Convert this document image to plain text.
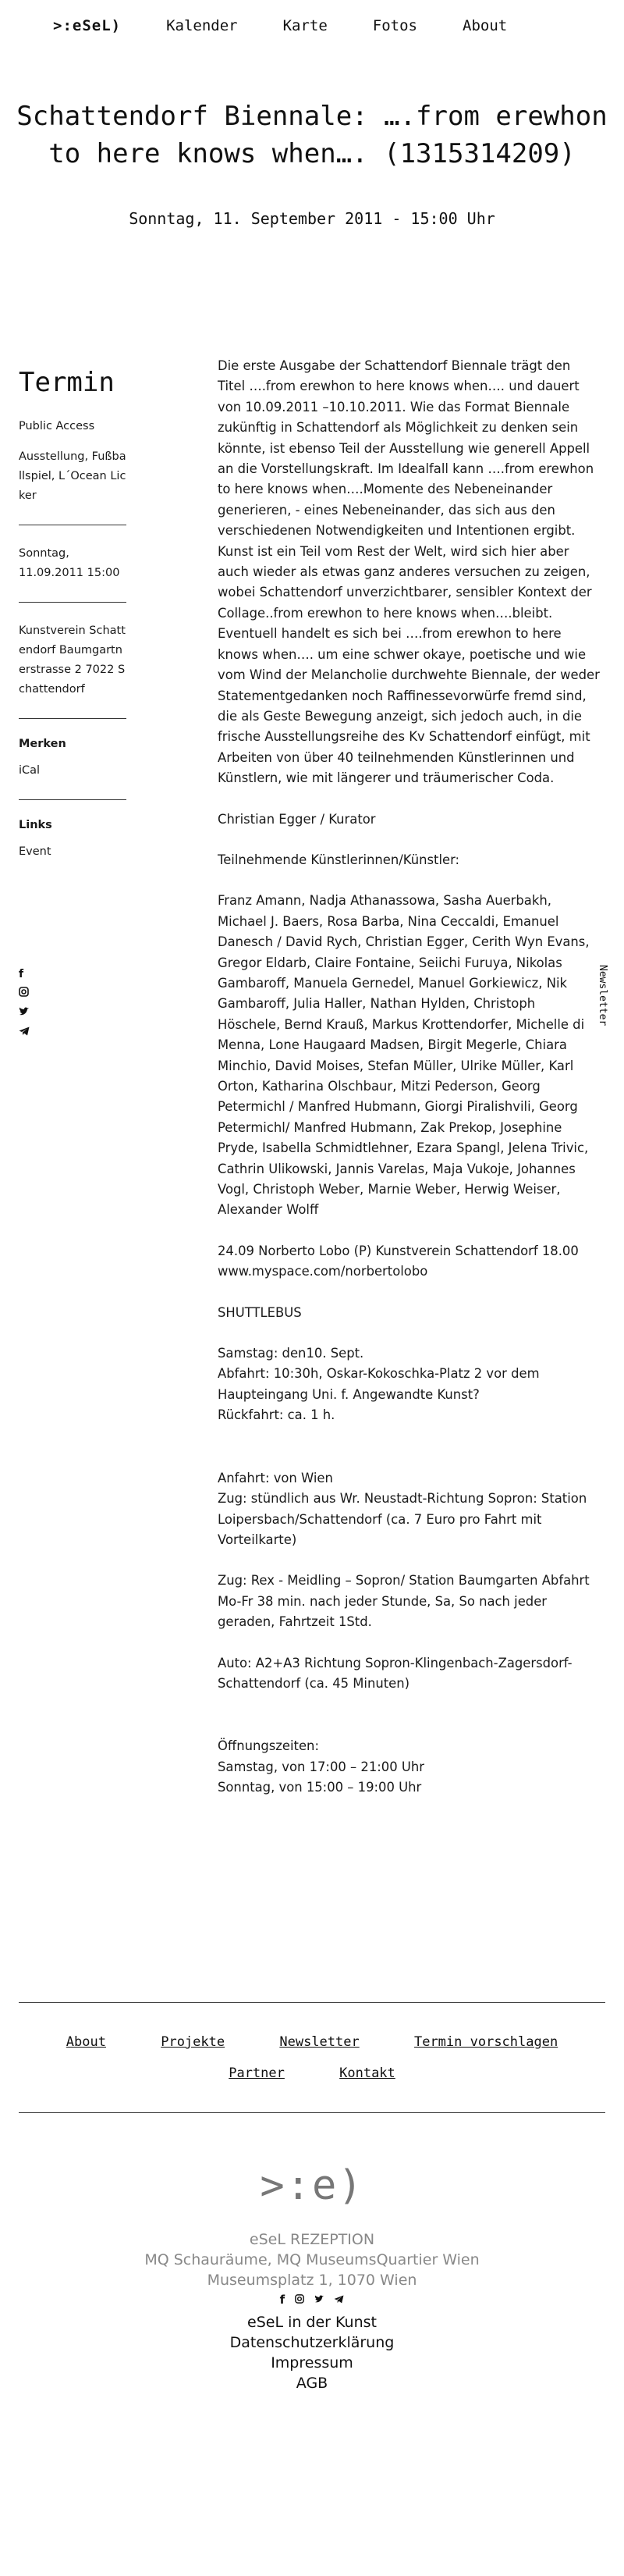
>:eSeL)	Kalender	Karte	Fotos	About
Schattendorf Biennale: ….from erewhon to here knows when…. (1315314209)
Sonntag, 11. September 2011 - 15:00 Uhr
Termin
Public Access
Ausstellung, Fußballspiel, L´Ocean Licker
Sonntag, 11.09.2011 15:00
Kunstverein Schattendorf Baumgartnerstrasse 2 7022 Schattendorf
Merken
iCal
Links
Event
f	Newsletter

Die erste Ausgabe der Schattendorf Biennale trägt den Titel ….from erewhon to here knows when…. und dauert von 10.09.2011 –10.10.2011. Wie das Format Biennale zukünftig in Schattendorf als Möglichkeit zu denken sein könnte, ist ebenso Teil der Ausstellung wie generell Appell an die Vorstellungskraft. Im Idealfall kann ….from erewhon to here knows when….Momente des Nebeneinander generieren, - eines Nebeneinander, das sich aus den verschiedenen Notwendigkeiten und Intentionen ergibt. Kunst ist ein Teil vom Rest der Welt, wird sich hier aber auch wieder als etwas ganz anderes versuchen zu zeigen, wobei Schattendorf unverzichtbarer, sensibler Kontext der Collage..from erewhon to here knows when….bleibt. Eventuell handelt es sich bei ….from erewhon to here knows when…. um eine schwer okaye, poetische und wie vom Wind der Melancholie durchwehte Biennale, der weder Statementgedanken noch Raffinessevorwürfe fremd sind, die als Geste Bewegung anzeigt, sich jedoch auch, in die frische Ausstellungsreihe des Kv Schattendorf einfügt, mit Arbeiten von über 40 teilnehmenden Künstlerinnen und Künstlern, wie mit längerer und träumerischer Coda.

Christian Egger / Kurator

Teilnehmende Künstlerinnen/Künstler:

Franz Amann, Nadja Athanassowa, Sasha Auerbakh, Michael J. Baers, Rosa Barba, Nina Ceccaldi, Emanuel Danesch / David Rych, Christian Egger, Cerith Wyn Evans, Gregor Eldarb, Claire Fontaine, Seiichi Furuya, Nikolas Gambaroff, Manuela Gernedel, Manuel Gorkiewicz, Nik Gambaroff, Julia Haller, Nathan Hylden, Christoph Höschele, Bernd Krauß, Markus Krottendorfer, Michelle di Menna, Lone Haugaard Madsen, Birgit Megerle, Chiara Minchio, David Moises, Stefan Müller, Ulrike Müller, Karl Orton, Katharina Olschbaur, Mitzi Pederson, Georg Petermichl / Manfred Hubmann, Giorgi Piralishvili, Georg Petermichl/ Manfred Hubmann, Zak Prekop, Josephine Pryde, Isabella Schmidtlehner, Ezara Spangl, Jelena Trivic, Cathrin Ulikowski, Jannis Varelas, Maja Vukoje, Johannes Vogl, Christoph Weber, Marnie Weber, Herwig Weiser, Alexander Wolff

24.09 Norberto Lobo (P) Kunstverein Schattendorf 18.00
www.myspace.com/norbertolobo

SHUTTLEBUS

Samstag: den10. Sept.
Abfahrt: 10:30h, Oskar-Kokoschka-Platz 2 vor dem Haupteingang Uni. f. Angewandte Kunst?
Rückfahrt: ca. 1 h.

Anfahrt: von Wien
Zug: stündlich aus Wr. Neustadt-Richtung Sopron: Station Loipersbach/Schattendorf (ca. 7 Euro pro Fahrt mit Vorteilkarte)

Zug: Rex - Meidling – Sopron/ Station Baumgarten Abfahrt Mo-Fr 38 min. nach jeder Stunde, Sa, So nach jeder geraden, Fahrtzeit 1Std.

Auto: A2+A3 Richtung Sopron-Klingenbach-Zagersdorf-Schattendorf (ca. 45 Minuten)

Öffnungszeiten:
Samstag, von 17:00 – 21:00 Uhr
Sonntag, von 15:00 – 19:00 Uhr

About	Projekte	Newsletter	Termin vorschlagen
Partner	Kontakt
>:e)
eSeL REZEPTION
MQ Schauräume, MQ MuseumsQuartier Wien
Museumsplatz 1, 1070 Wien
f
eSeL in der Kunst
Datenschutzerklärung
Impressum
AGB
